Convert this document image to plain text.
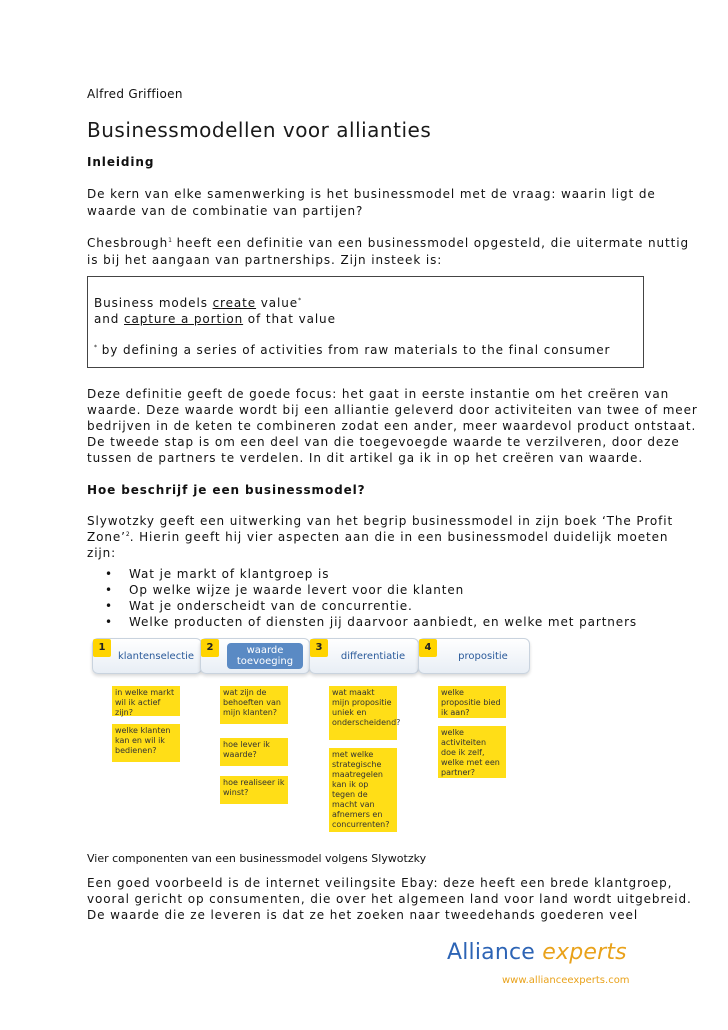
Alfred Griffioen
Businessmodellen voor allianties
Inleiding
De kern van elke samenwerking is het businessmodel met de vraag: waarin ligt de
waarde van de combinatie van partijen?
Chesbrough$^1$ heeft een definitie van een businessmodel opgesteld, die uitermate nuttig
is bij het aangaan van partnerships. Zijn insteek is:
Business models create value*
and capture a portion of that value
* by defining a series of activities from raw materials to the final consumer
Deze definitie geeft de goede focus: het gaat in eerste instantie om het creëren van
waarde. Deze waarde wordt bij een alliantie geleverd door activiteiten van twee of meer
bedrijven in de keten te combineren zodat een ander, meer waardevol product ontstaat.
De tweede stap is om een deel van die toegevoegde waarde te verzilveren, door deze
tussen de partners te verdelen. In dit artikel ga ik in op het creëren van waarde.
Hoe beschrijf je een businessmodel?
Slywotzky geeft een uitwerking van het begrip businessmodel in zijn boek ‘The Profit
Zone’$^2$. Hierin geeft hij vier aspecten aan die in een businessmodel duidelijk moeten
zijn:
• Wat je markt of klantgroep is
• Op welke wijze je waarde levert voor die klanten
• Wat je onderscheidt van de concurrentie.
• Welke producten of diensten jij daarvoor aanbiedt, en welke met partners
1
klantenselectie
2	waarde toevoeging
3
differentiatie
4
propositie
in welke markt wil ik actief zijn?
welke klanten kan en wil ik bedienen?
wat zijn de behoeften van mijn klanten?
hoe lever ik waarde?
hoe realiseer ik winst?
wat maakt mijn propositie uniek en onderscheidend?
met welke strategische maatregelen kan ik op tegen de macht van afnemers en concurrenten?
welke propositie bied ik aan?
welke activiteiten doe ik zelf, welke met een partner?
Vier componenten van een businessmodel volgens Slywotzky
Een goed voorbeeld is de internet veilingsite Ebay: deze heeft een brede klantgroep,
vooral gericht op consumenten, die over het algemeen land voor land wordt uitgebreid.
De waarde die ze leveren is dat ze het zoeken naar tweedehands goederen veel
Alliance experts
www.allianceexperts.com
